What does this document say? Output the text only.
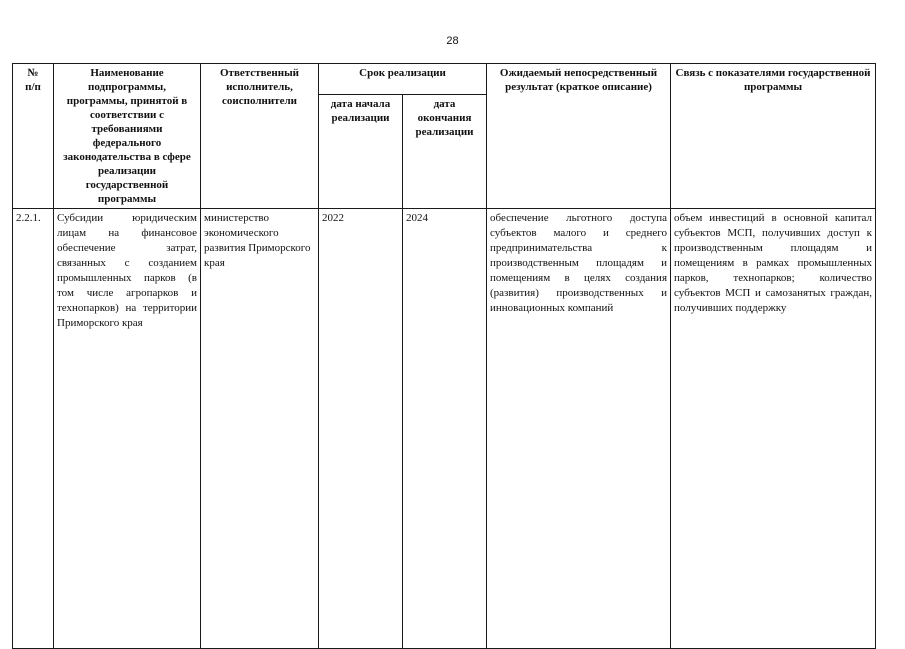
28
№
п/п	Наименование подпрограммы, программы, принятой в соответствии с требованиями федерального законодательства в сфере реализации государственной программы	Ответственный исполнитель, соисполнители	Срок реализации		Ожидаемый непосредственный результат (краткое описание)	Связь с показателями государственной программы
			дата начала реализации	дата окончания реализации		
2.2.1.	Субсидии юридическим лицам на финансовое обеспечение затрат, связанных с созданием промышленных парков (в том числе агропарков и технопарков) на территории Приморского края	министерство экономического развития Приморского края	2022	2024	обеспечение льготного доступа субъектов малого и среднего предпринимательства к производственным площадям и помещениям в целях создания (развития) производственных и инновационных компаний	объем инвестиций в основной капитал субъектов МСП, получивших доступ к производственным площадям и помещениям в рамках промышленных парков, технопарков; количество субъектов МСП и самозанятых граждан, получивших поддержку
